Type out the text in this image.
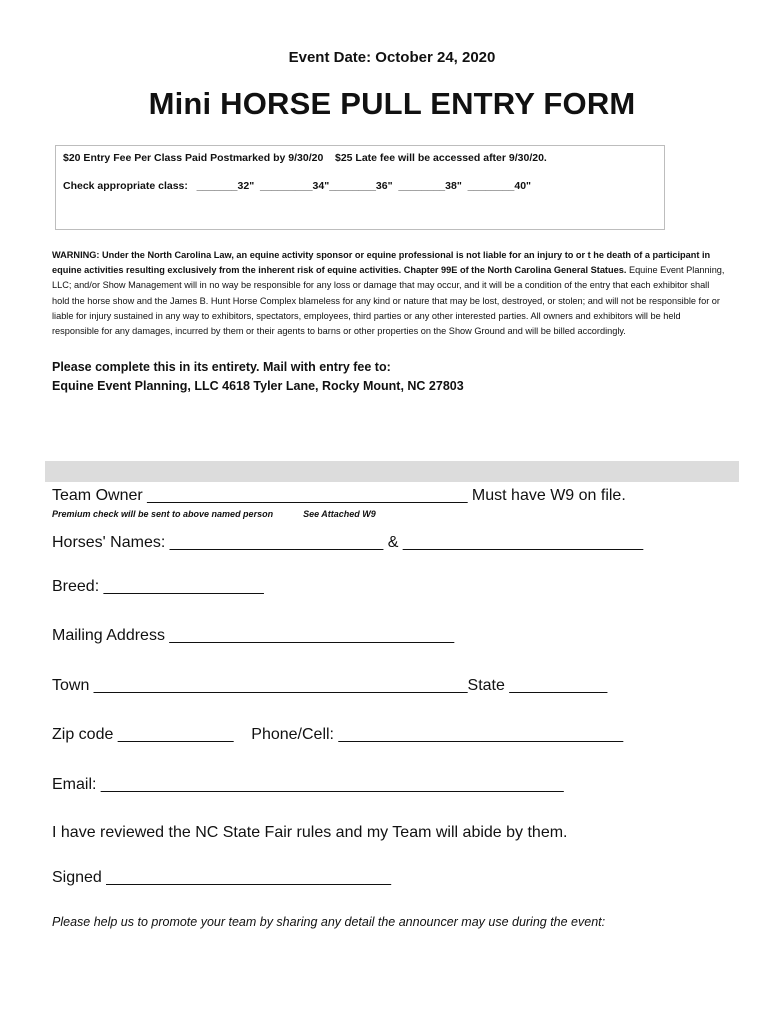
Event Date: October 24, 2020
Mini HORSE PULL ENTRY FORM
$20 Entry Fee Per Class Paid Postmarked by 9/30/20    $25 Late fee will be accessed after 9/30/20.
Check appropriate class:   _______32"  _________34"________36"  ________38"  ________40"
WARNING: Under the North Carolina Law, an equine activity sponsor or equine professional is not liable for an injury to or t he death of a participant in equine activities resulting exclusively from the inherent risk of equine activities. Chapter 99E of the North Carolina General Statues. Equine Event Planning, LLC; and/or Show Management will in no way be responsible for any loss or damage that may occur, and it will be a condition of the entry that each exhibitor shall hold the horse show and the James B. Hunt Horse Complex blameless for any kind or nature that may be lost, destroyed, or stolen; and will not be responsible for or liable for injury sustained in any way to exhibitors, spectators, employees, third parties or any other interested parties. All owners and exhibitors will be held responsible for any damages, incurred by them or their agents to barns or other properties on the Show Ground and will be billed accordingly.
Please complete this in its entirety. Mail with entry fee to:
Equine Event Planning, LLC 4618 Tyler Lane, Rocky Mount, NC 27803
Team Owner ____________________________________ Must have W9 on file.
Premium check will be sent to above named person            See Attached W9
Horses' Names: ________________________ & ___________________________
Breed: __________________
Mailing Address ________________________________
Town __________________________________________State ___________
Zip code _____________    Phone/Cell: ________________________________
Email: ____________________________________________________
I have reviewed the NC State Fair rules and my Team will abide by them.
Signed ________________________________
Please help us to promote your team by sharing any detail the announcer may use during the event:
